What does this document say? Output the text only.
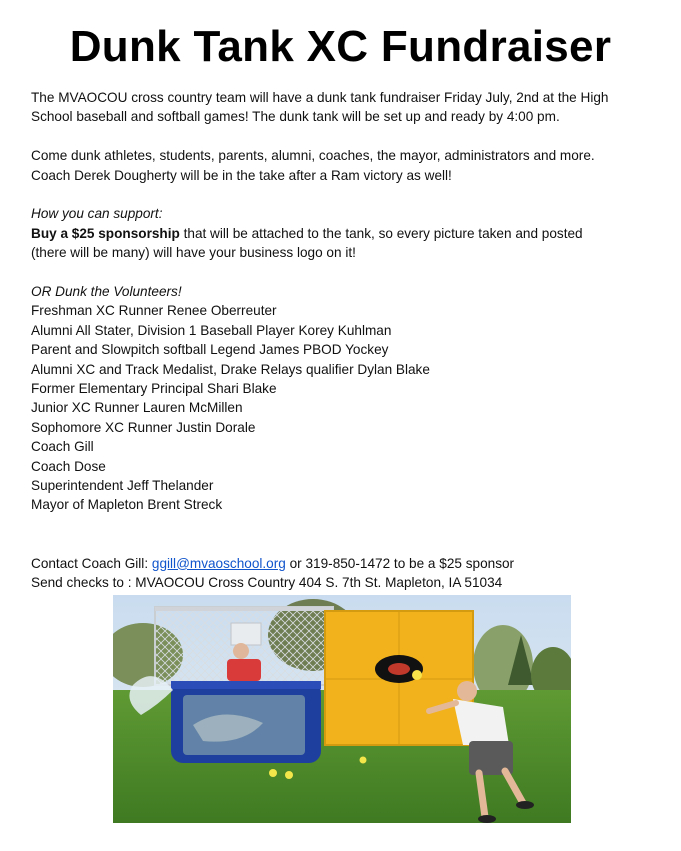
Dunk Tank XC Fundraiser

The MVAOCOU cross country team will have a dunk tank fundraiser Friday July, 2nd at the High

School baseball and softball games! The dunk tank will be set up and ready by 4:00 pm.

Come dunk athletes, students, parents, alumni, coaches, the mayor, administrators and more.

Coach Derek Dougherty will be in the take after a Ram victory as well!

How you can support:

Buy a $25 sponsorship that will be attached to the tank, so every picture taken and posted

(there will be many) will have your business logo on it!

OR Dunk the Volunteers!

Freshman XC Runner Renee Oberreuter

Alumni All Stater, Division 1 Baseball Player Korey Kuhlman

Parent and Slowpitch softball Legend James PBOD Yockey

Alumni XC and Track Medalist, Drake Relays qualifier Dylan Blake

Former Elementary Principal Shari Blake

Junior XC Runner Lauren McMillen

Sophomore XC Runner Justin Dorale

Coach Gill

Coach Dose

Superintendent Jeff Thelander

Mayor of Mapleton Brent Streck

Contact Coach Gill: ggill@mvaoschool.org or 319-850-1472 to be a $25 sponsor

Send checks to : MVAOCOU Cross Country 404 S. 7th St. Mapleton, IA 51034
